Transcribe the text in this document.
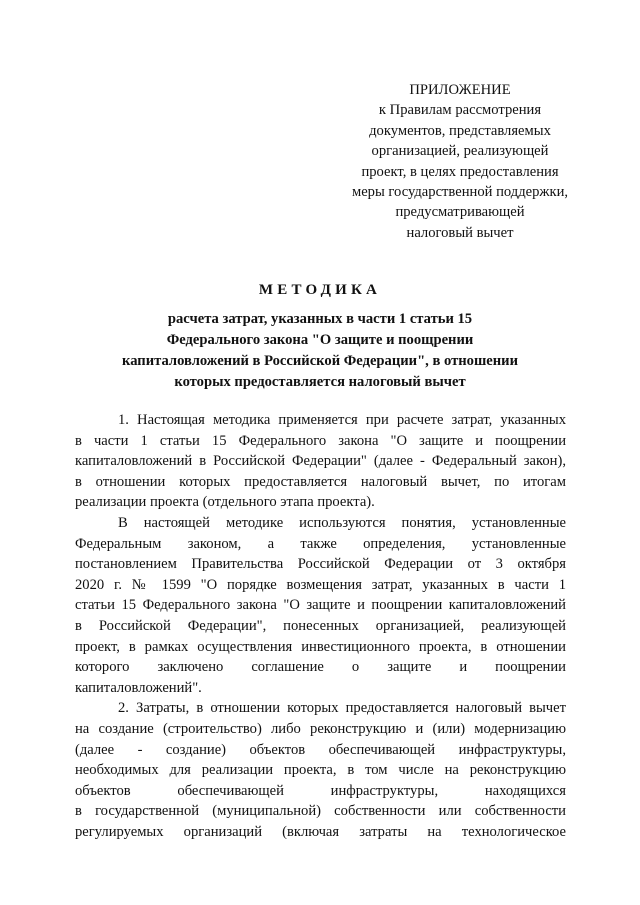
ПРИЛОЖЕНИЕ
к Правилам рассмотрения
документов, представляемых
организацией, реализующей
проект, в целях предоставления
меры государственной поддержки,
предусматривающей
налоговый вычет
МЕТОДИКА
расчета затрат, указанных в части 1 статьи 15
Федерального закона "О защите и поощрении
капиталовложений в Российской Федерации", в отношении
которых предоставляется налоговый вычет
1. Настоящая методика применяется при расчете затрат, указанных
в части 1 статьи 15 Федерального закона "О защите и поощрении
капиталовложений в Российской Федерации" (далее - Федеральный закон),
в отношении которых предоставляется налоговый вычет, по итогам
реализации проекта (отдельного этапа проекта).
В настоящей методике используются понятия, установленные
Федеральным законом, а также определения, установленные
постановлением Правительства Российской Федерации от 3 октября
2020 г. № 1599 "О порядке возмещения затрат, указанных в части 1
статьи 15 Федерального закона "О защите и поощрении капиталовложений
в Российской Федерации", понесенных организацией, реализующей
проект, в рамках осуществления инвестиционного проекта, в отношении
которого заключено соглашение о защите и поощрении
капиталовложений".
2. Затраты, в отношении которых предоставляется налоговый вычет
на создание (строительство) либо реконструкцию и (или) модернизацию
(далее - создание) объектов обеспечивающей инфраструктуры,
необходимых для реализации проекта, в том числе на реконструкцию
объектов обеспечивающей инфраструктуры, находящихся
в государственной (муниципальной) собственности или собственности
регулируемых организаций (включая затраты на технологическое
